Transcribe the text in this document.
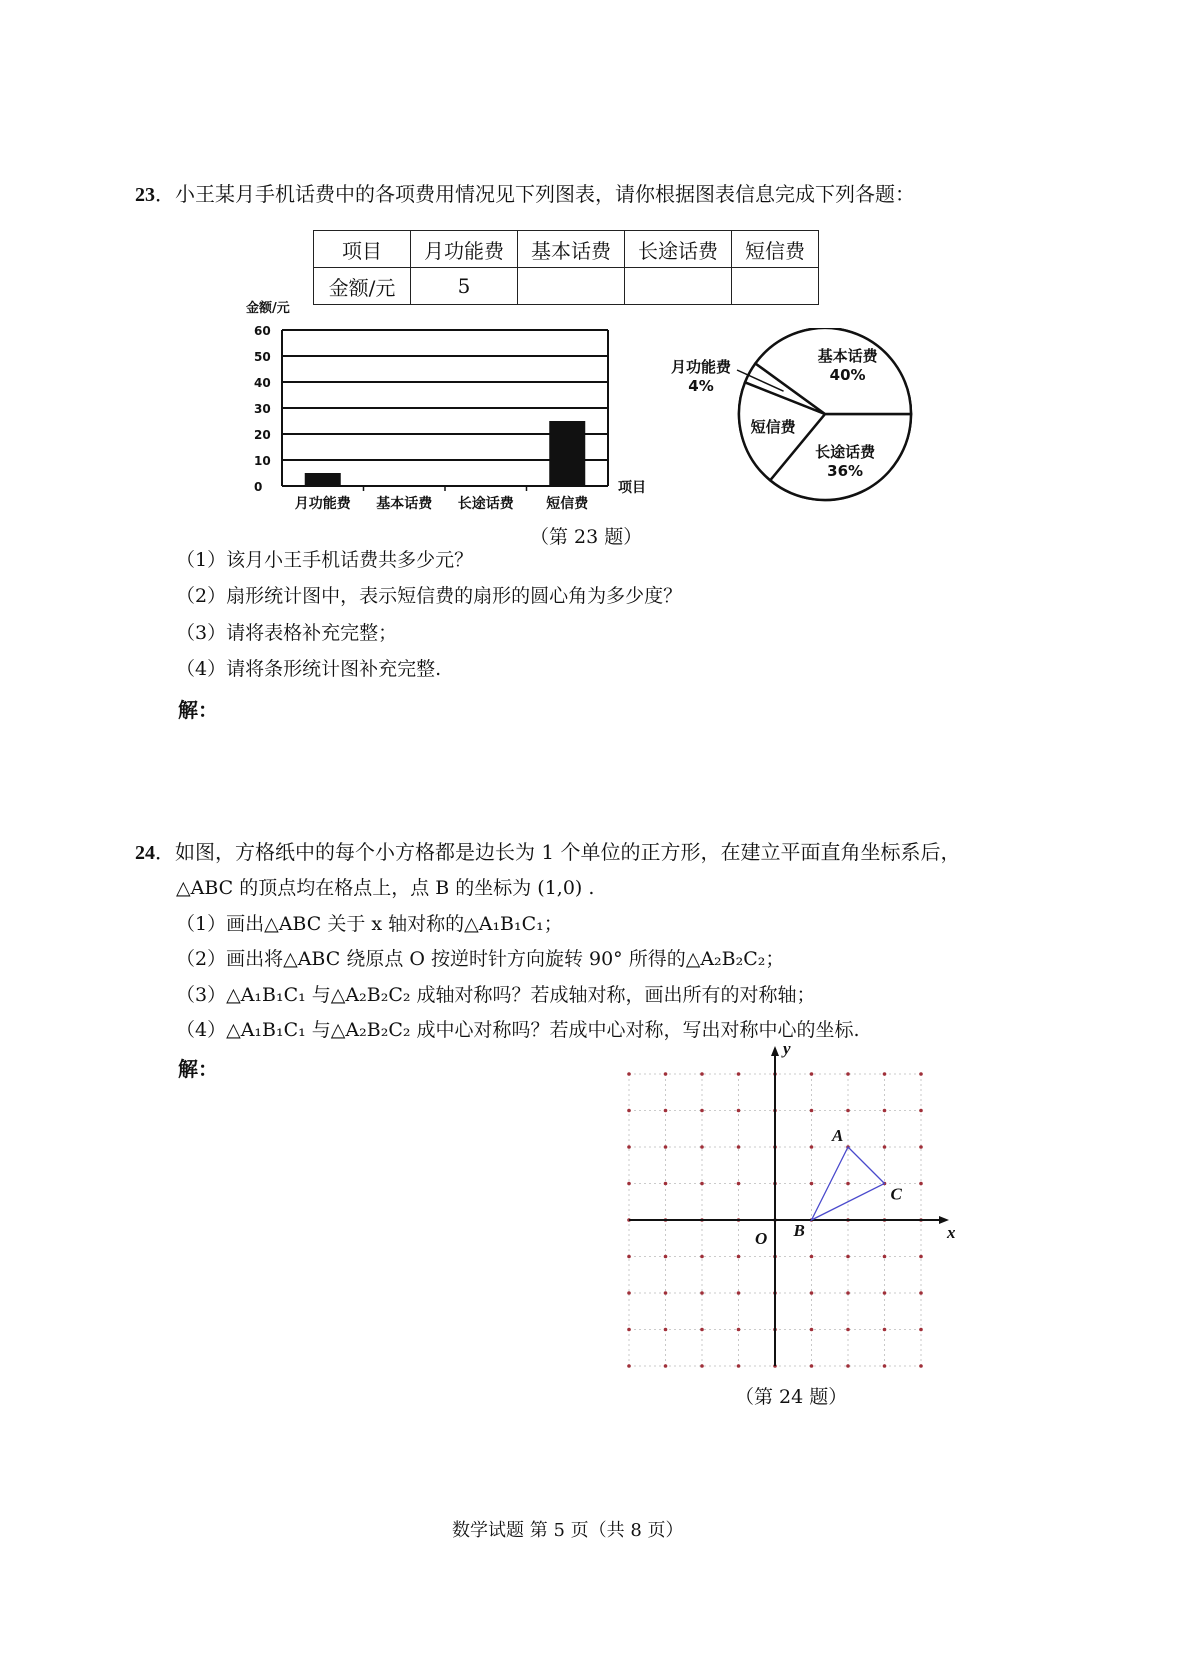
23．小王某月手机话费中的各项费用情况见下列图表，请你根据图表信息完成下列各题：
项目	月功能费	基本话费	长途话费	短信费
金额/元	5			
金额/元
0
10
20
30
40
50
60
月功能费 基本话费 长途话费 短信费
项目
基本话费
40%
长途话费
36%
短信费
月功能费
4%
（第 23 题）
（1）该月小王手机话费共多少元？
（2）扇形统计图中，表示短信费的扇形的圆心角为多少度？
（3）请将表格补充完整；
（4）请将条形统计图补充完整.
解：
24．如图，方格纸中的每个小方格都是边长为 1 个单位的正方形，在建立平面直角坐标系后，
△ABC 的顶点均在格点上，点 B 的坐标为 (1,0) .
（1）画出△ABC 关于 x 轴对称的△A₁B₁C₁；
（2）画出将△ABC 绕原点 O 按逆时针方向旋转 90° 所得的△A₂B₂C₂；
（3）△A₁B₁C₁ 与△A₂B₂C₂ 成轴对称吗？若成轴对称，画出所有的对称轴；
（4）△A₁B₁C₁ 与△A₂B₂C₂ 成中心对称吗？若成中心对称，写出对称中心的坐标.
解：
x
y
O
A
B
C
（第 24 题）
数学试题 第 5 页（共 8 页）
